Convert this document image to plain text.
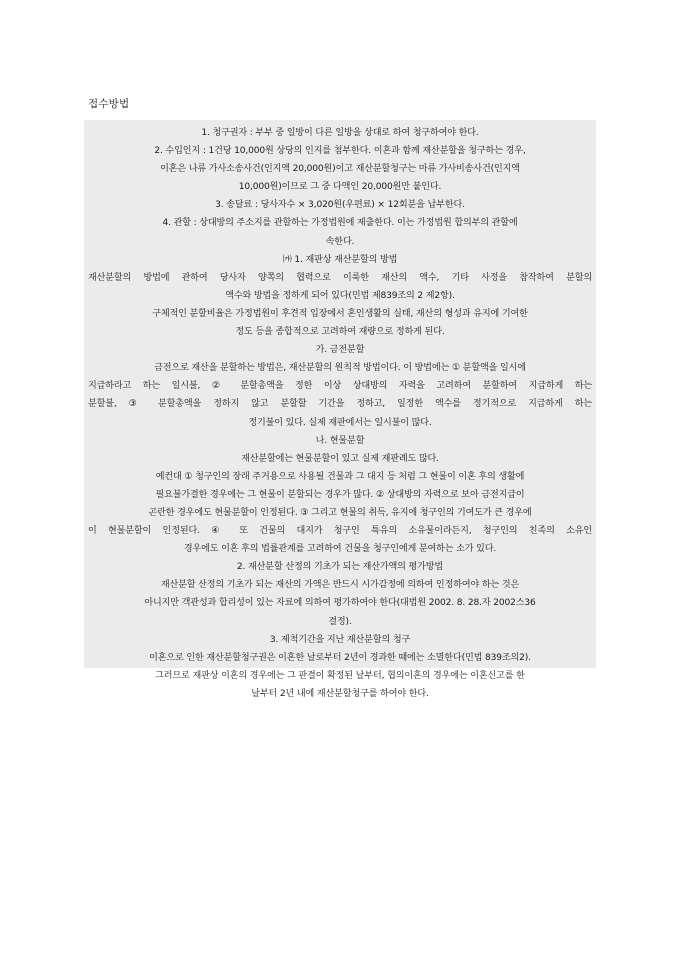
접수방법
1. 청구권자 : 부부 중 일방이 다른 일방을 상대로 하여 청구하여야 한다.
2. 수입인지 : 1건당 10,000원 상당의 인지를 첨부한다. 이혼과 함께 재산분할을 청구하는 경우,
이혼은 나류 가사소송사건(인지액 20,000원)이고 재산분할청구는 마류 가사비송사건(인지액
10,000원)이므로 그 중 다액인 20,000원만 붙인다.
3. 송달료 : 당사자수 × 3,020원(우편료) × 12회분을 납부한다.
4. 관할 : 상대방의 주소지를 관할하는 가정법원에 제출한다. 이는 가정법원 합의부의 관할에
속한다.
㈎ 1. 재판상 재산분할의 방법
재산분할의 방법에 관하여 당사자 양쪽의 협력으로 이룩한 재산의 액수, 기타 사정을 참작하여 분할의
액수와 방법을 정하게 되어 있다(민법 제839조의 2 제2항).
구체적인 분할비율은 가정법원이 후견적 입장에서 혼인생활의 실태, 재산의 형성과 유지에 기여한
정도 등을 종합적으로 고려하여 재량으로 정하게 된다.
가. 금전분할
금전으로 재산을 분할하는 방법은, 재산분할의 원칙적 방법이다. 이 방법에는 ① 분할액을 일시에
지급하라고 하는 일시불, ② 분할총액을 정한 이상 상대방의 자력을 고려하여 분할하여 지급하게 하는
분할불, ③ 분할총액을 정하지 않고 분할할 기간을 정하고, 일정한 액수를 정기적으로 지급하게 하는
정기불이 있다. 실제 재판에서는 일시불이 많다.
나. 현물분할
재산분할에는 현물분할이 있고 실제 재판례도 많다.
예컨대 ① 청구인의 장래 주거용으로 사용될 건물과 그 대지 등 처럼 그 현물이 이혼 후의 생활에
필요불가결한 경우에는 그 현물이 분할되는 경우가 많다. ② 상대방의 자력으로 보아 금전지급이
곤란한 경우에도 현물분할이 인정된다. ③ 그리고 현물의 취득, 유지에 청구인의 기여도가 큰 경우에
이 현물분할이 인정된다. ④ 또 건물의 대지가 청구인 특유의 소유물이라든지, 청구인의 친족의 소유인
경우에도 이혼 후의 법률관계를 고려하여 건물을 청구인에게 분여하는 소가 있다.
2. 재산분할 산정의 기초가 되는 재산가액의 평가방법
재산분할 산정의 기초가 되는 재산의 가액은 반드시 시가감정에 의하여 인정하여야 하는 것은
아니지만 객관성과 합리성이 있는 자료에 의하여 평가하여야 한다(대법원 2002. 8. 28.자 2002스36
결정).
3. 제척기간을 지난 재산분할의 청구
이혼으로 인한 재산분할청구권은 이혼한 날로부터 2년이 경과한 때에는 소멸한다(민법 839조의2).
그러므로 재판상 이혼의 경우에는 그 판결이 확정된 날부터, 협의이혼의 경우에는 이혼신고를 한
날부터 2년 내에 재산분할청구를 하여야 한다.
